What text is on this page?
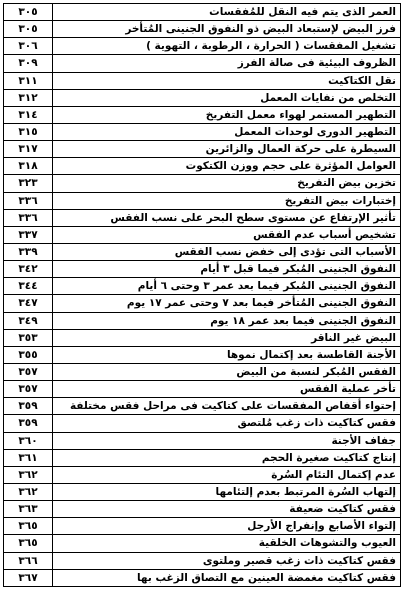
العمر الذى يتم فيه النقل للمُفقسات	٣٠٥
فرز البيض لإستبعاد البيض ذو النفوق الجنينى المُتأخر	٣٠٥
تشغيل المفقسات ( الحرارة ، الرطوبة ، التهوية )	٣٠٦
الظروف البيئية فى صالة الفرز	٣٠٩
نقل الكتاكيت	٣١١
التخلص من نفايات المعمل	٣١٢
التطهير المستمر لهواء معمل التفريخ	٣١٤
التطهير الدورى لوحدات المعمل	٣١٥
السيطرة على حركة العمال والزائرين	٣١٧
العوامل المؤثرة على حجم ووزن الكتكوت	٣١٨
تخزين بيض التفريخ	٣٢٣
إختبارات بيض التفريخ	٣٣٦
تأثير الإرتفاع عن مستوى سطح البحر على نسب الفقس	٣٣٦
تشخيص أسباب عدم الفقس	٣٣٧
الأسباب التى تؤدى إلى خفض نسب الفقس	٣٣٩
النفوق الجنينى المُبكر فيما قبل ٣ أيام	٣٤٢
النفوق الجنينى المُبكر فيما بعد عمر ٣ وحتى ٦ أيام	٣٤٤
النفوق الجنينى المُتأخر فيما بعد ٧ وحتى عمر ١٧ يوم	٣٤٧
النفوق الجنينى فيما بعد عمر ١٨ يوم	٣٤٩
البيض غير الناقر	٣٥٣
الأجنة القاطسة بعد إكتمال نموها	٣٥٥
الفقس المُبكر لنسبة من البيض	٣٥٧
تأخر عملية الفقس	٣٥٧
إحتواء أقفاص المفقسات على كتاكيت فى مراحل فقس مختلفة	٣٥٩
فقس كتاكيت ذات زغب مُلتصق	٣٥٩
جفاف الأجنة	٣٦٠
إنتاج كتاكيت صغيرة الحجم	٣٦١
عدم إكتمال التئام السُرة	٣٦٢
إلتهاب السُرة المرتبط بعدم إلتئامها	٣٦٢
فقس كتاكيت ضعيفة	٣٦٣
إلتواء الأصابع وإنفراج الأرجل	٣٦٥
العيوب والتشوهات الخلقية	٣٦٥
فقس كتاكيت ذات زغب قصير وملتوى	٣٦٦
فقس كتاكيت مغمضة العينين مع التصاق الزغب بها	٣٦٧
